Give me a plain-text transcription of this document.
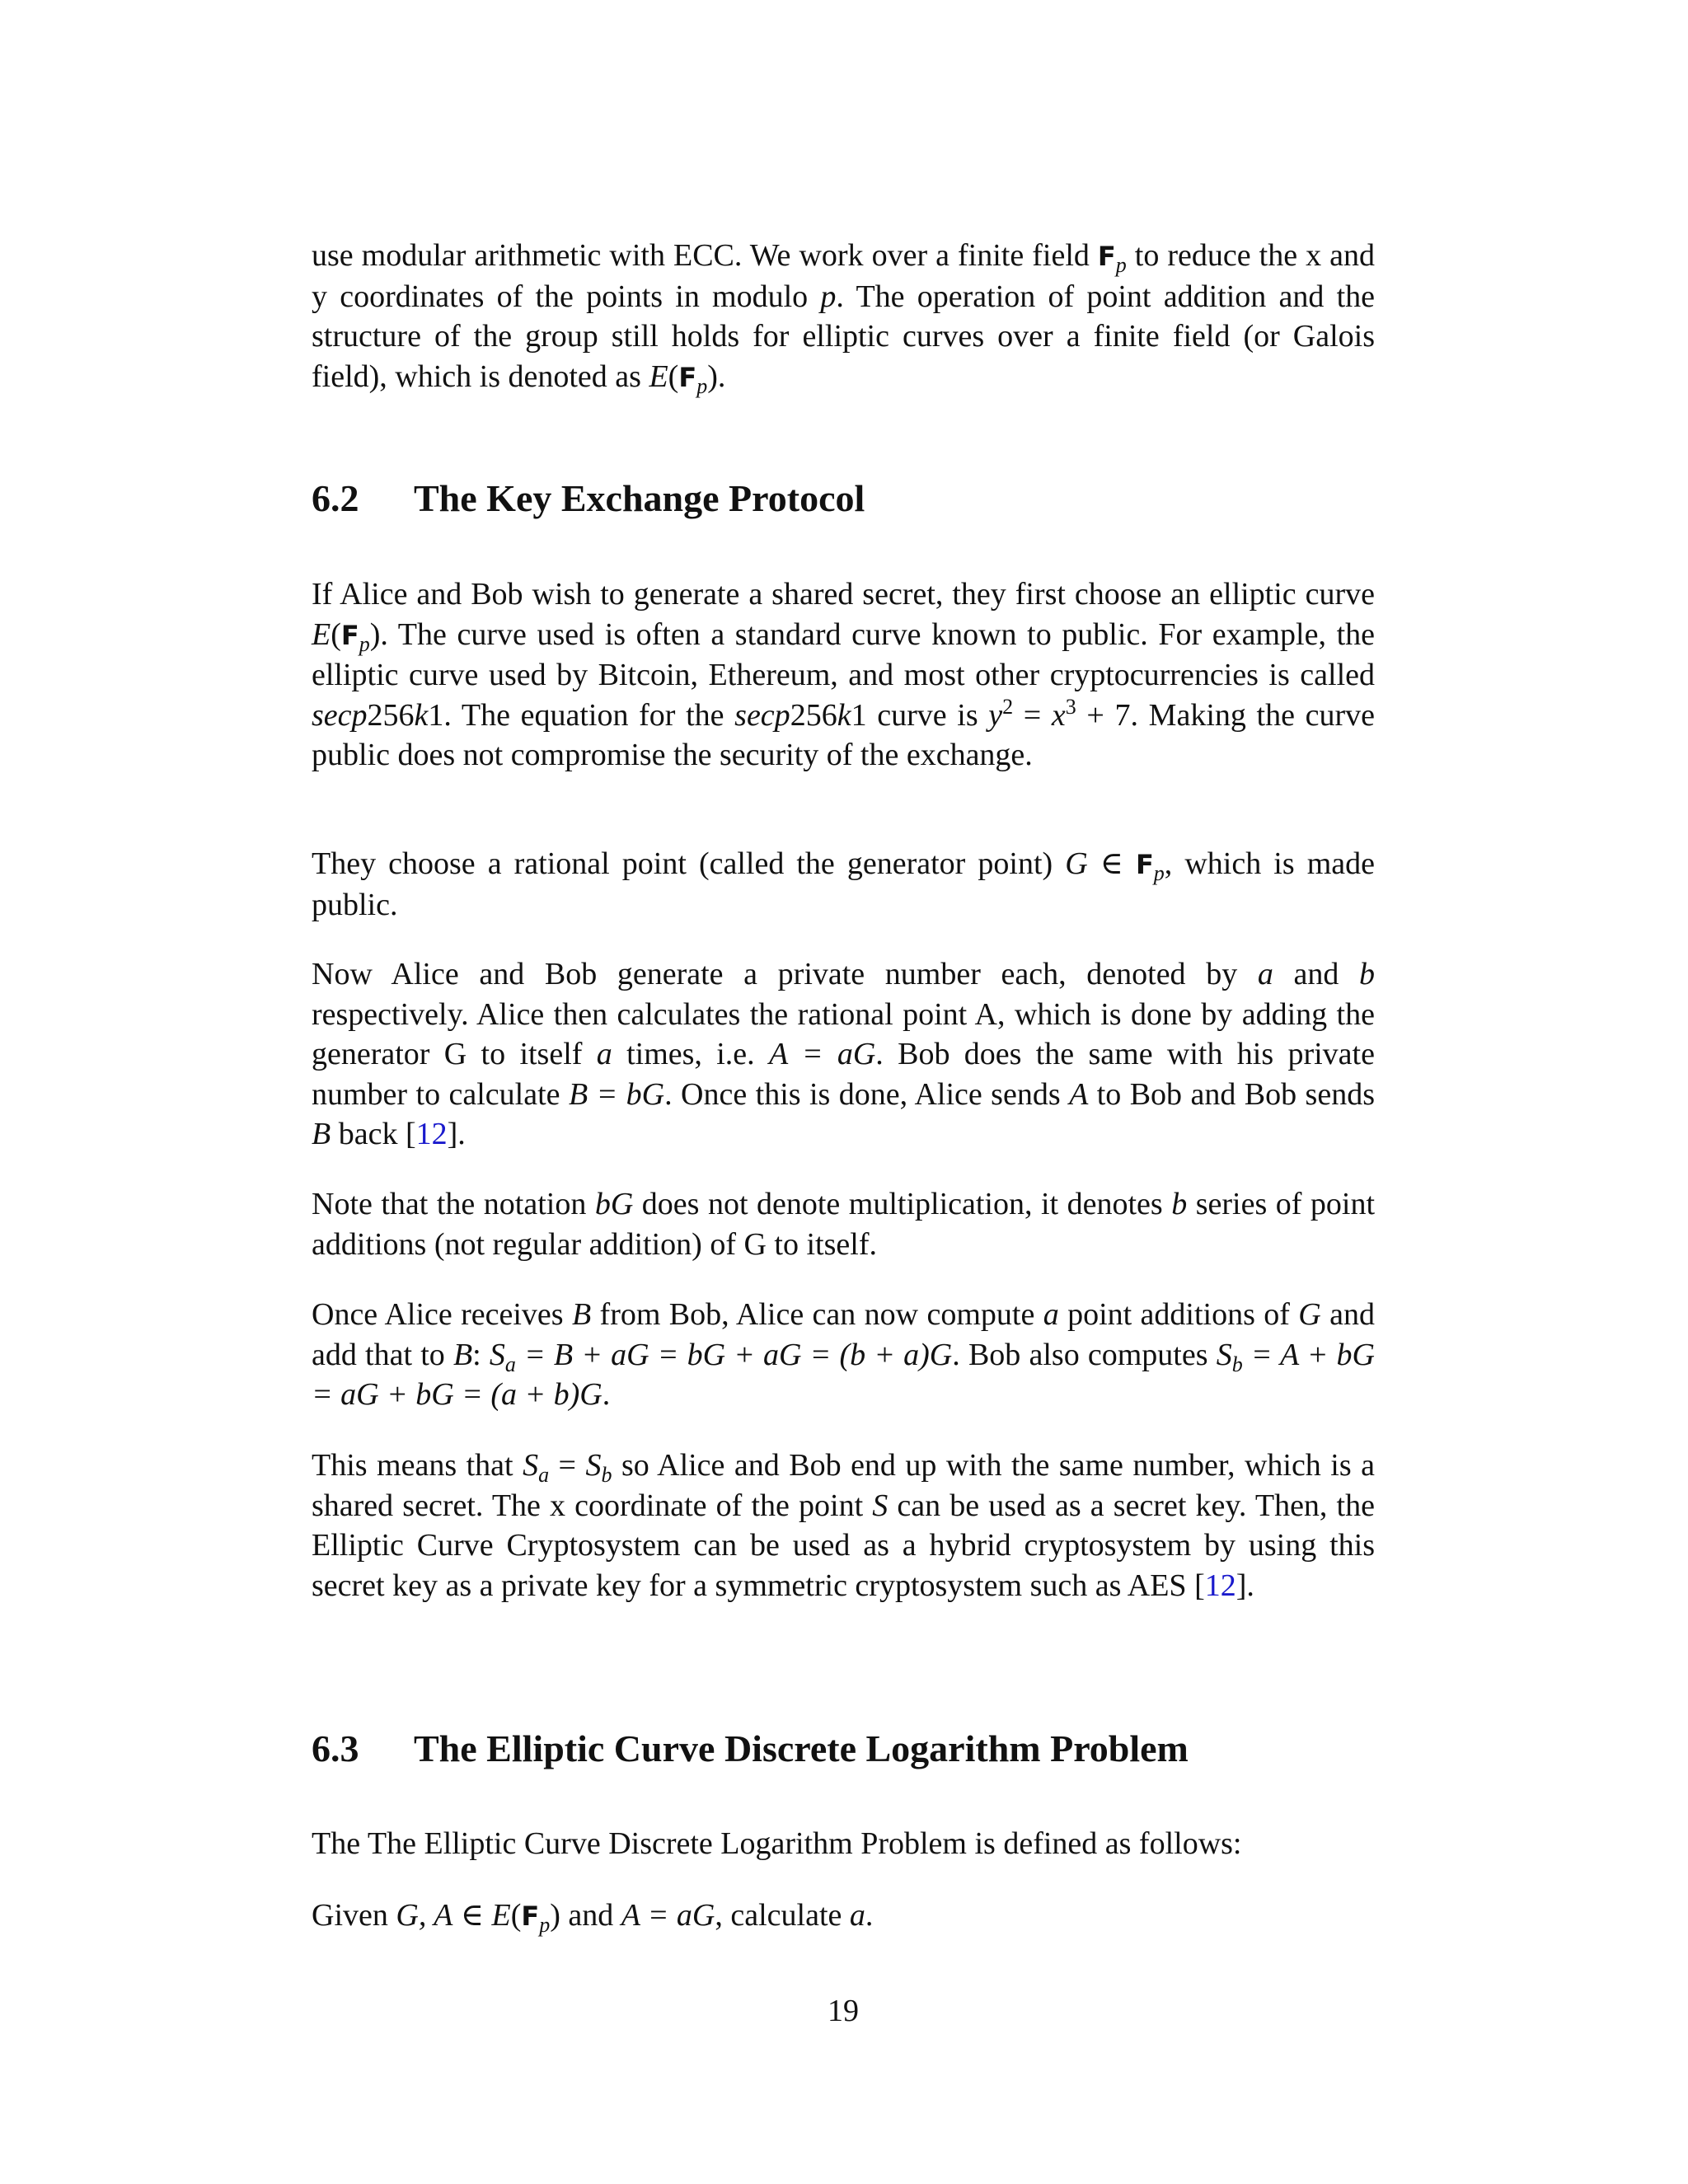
use modular arithmetic with ECC. We work over a finite field $F_p$ to reduce the x and y coordinates of the points in modulo p. The operation of point addition and the structure of the group still holds for elliptic curves over a finite field (or Galois field), which is denoted as $E(F_p)$.

6.2 The Key Exchange Protocol

If Alice and Bob wish to generate a shared secret, they first choose an elliptic curve $E(F_p)$. The curve used is often a standard curve known to public. For example, the elliptic curve used by Bitcoin, Ethereum, and most other cryptocurrencies is called secp256k1. The equation for the secp256k1 curve is $y^2 = x^3 + 7$. Making the curve public does not compromise the security of the exchange.

They choose a rational point (called the generator point) G ∈ $F_p$, which is made public.

Now Alice and Bob generate a private number each, denoted by a and b respectively. Alice then calculates the rational point A, which is done by adding the generator G to itself a times, i.e. A = aG. Bob does the same with his private number to calculate B = bG. Once this is done, Alice sends A to Bob and Bob sends B back [12].

Note that the notation bG does not denote multiplication, it denotes b series of point additions (not regular addition) of G to itself.

Once Alice receives B from Bob, Alice can now compute a point additions of G and add that to B: $S_a = B$ + aG = bG + aG = (b + a)G. Bob also computes $S_b = A$ + bG = aG + bG = (a + b)G.

This means that $S_a = S_b$ so Alice and Bob end up with the same number, which is a shared secret. The x coordinate of the point S can be used as a secret key. Then, the Elliptic Curve Cryptosystem can be used as a hybrid cryptosystem by using this secret key as a private key for a symmetric cryptosystem such as AES [12].

6.3 The Elliptic Curve Discrete Logarithm Problem

The The Elliptic Curve Discrete Logarithm Problem is defined as follows:

Given G, A ∈ $E(F_p)$ and A = aG, calculate a.

19
